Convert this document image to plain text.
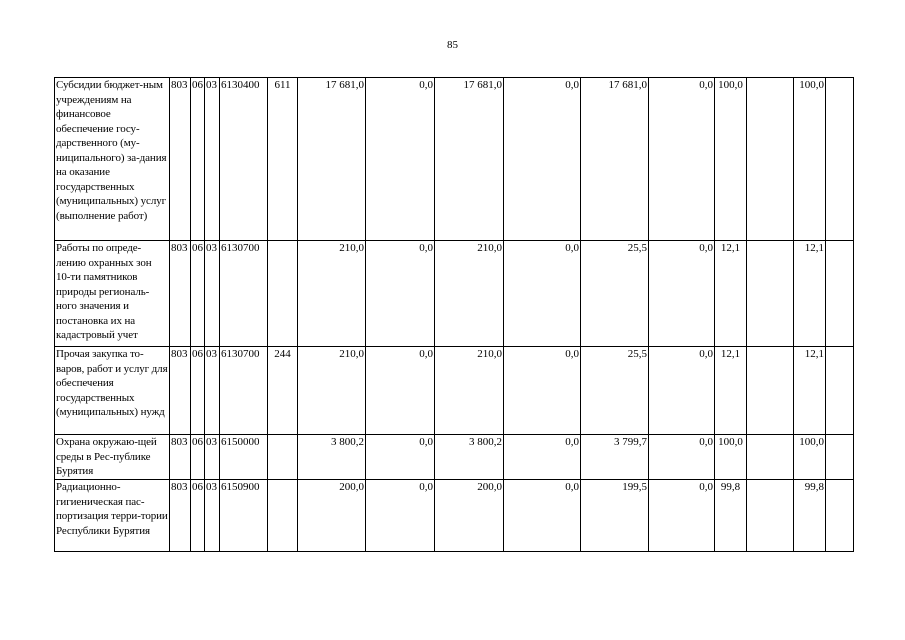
85
Субсидии бюджет-ным учреждениям на финансовое обеспечение госу-дарственного (му-ниципального) за-дания на оказание государственных (муниципальных) услуг (выполнение работ)	803	06	03	6130400	611	17 681,0	0,0	17 681,0	0,0	17 681,0	0,0	100,0		100,0	
Работы по опреде-лению охранных зон 10-ти памятников природы региональ-ного значения и постановка их на кадастровый учет	803	06	03	6130700		210,0	0,0	210,0	0,0	25,5	0,0	12,1		12,1	
Прочая закупка то-варов, работ и услуг для обеспечения государственных (муниципальных) нужд	803	06	03	6130700	244	210,0	0,0	210,0	0,0	25,5	0,0	12,1		12,1	
Охрана окружаю-щей среды в Рес-публике Бурятия	803	06	03	6150000		3 800,2	0,0	3 800,2	0,0	3 799,7	0,0	100,0		100,0	
Радиационно-гигиеническая пас-портизация терри-тории Республики Бурятия	803	06	03	6150900		200,0	0,0	200,0	0,0	199,5	0,0	99,8		99,8	
